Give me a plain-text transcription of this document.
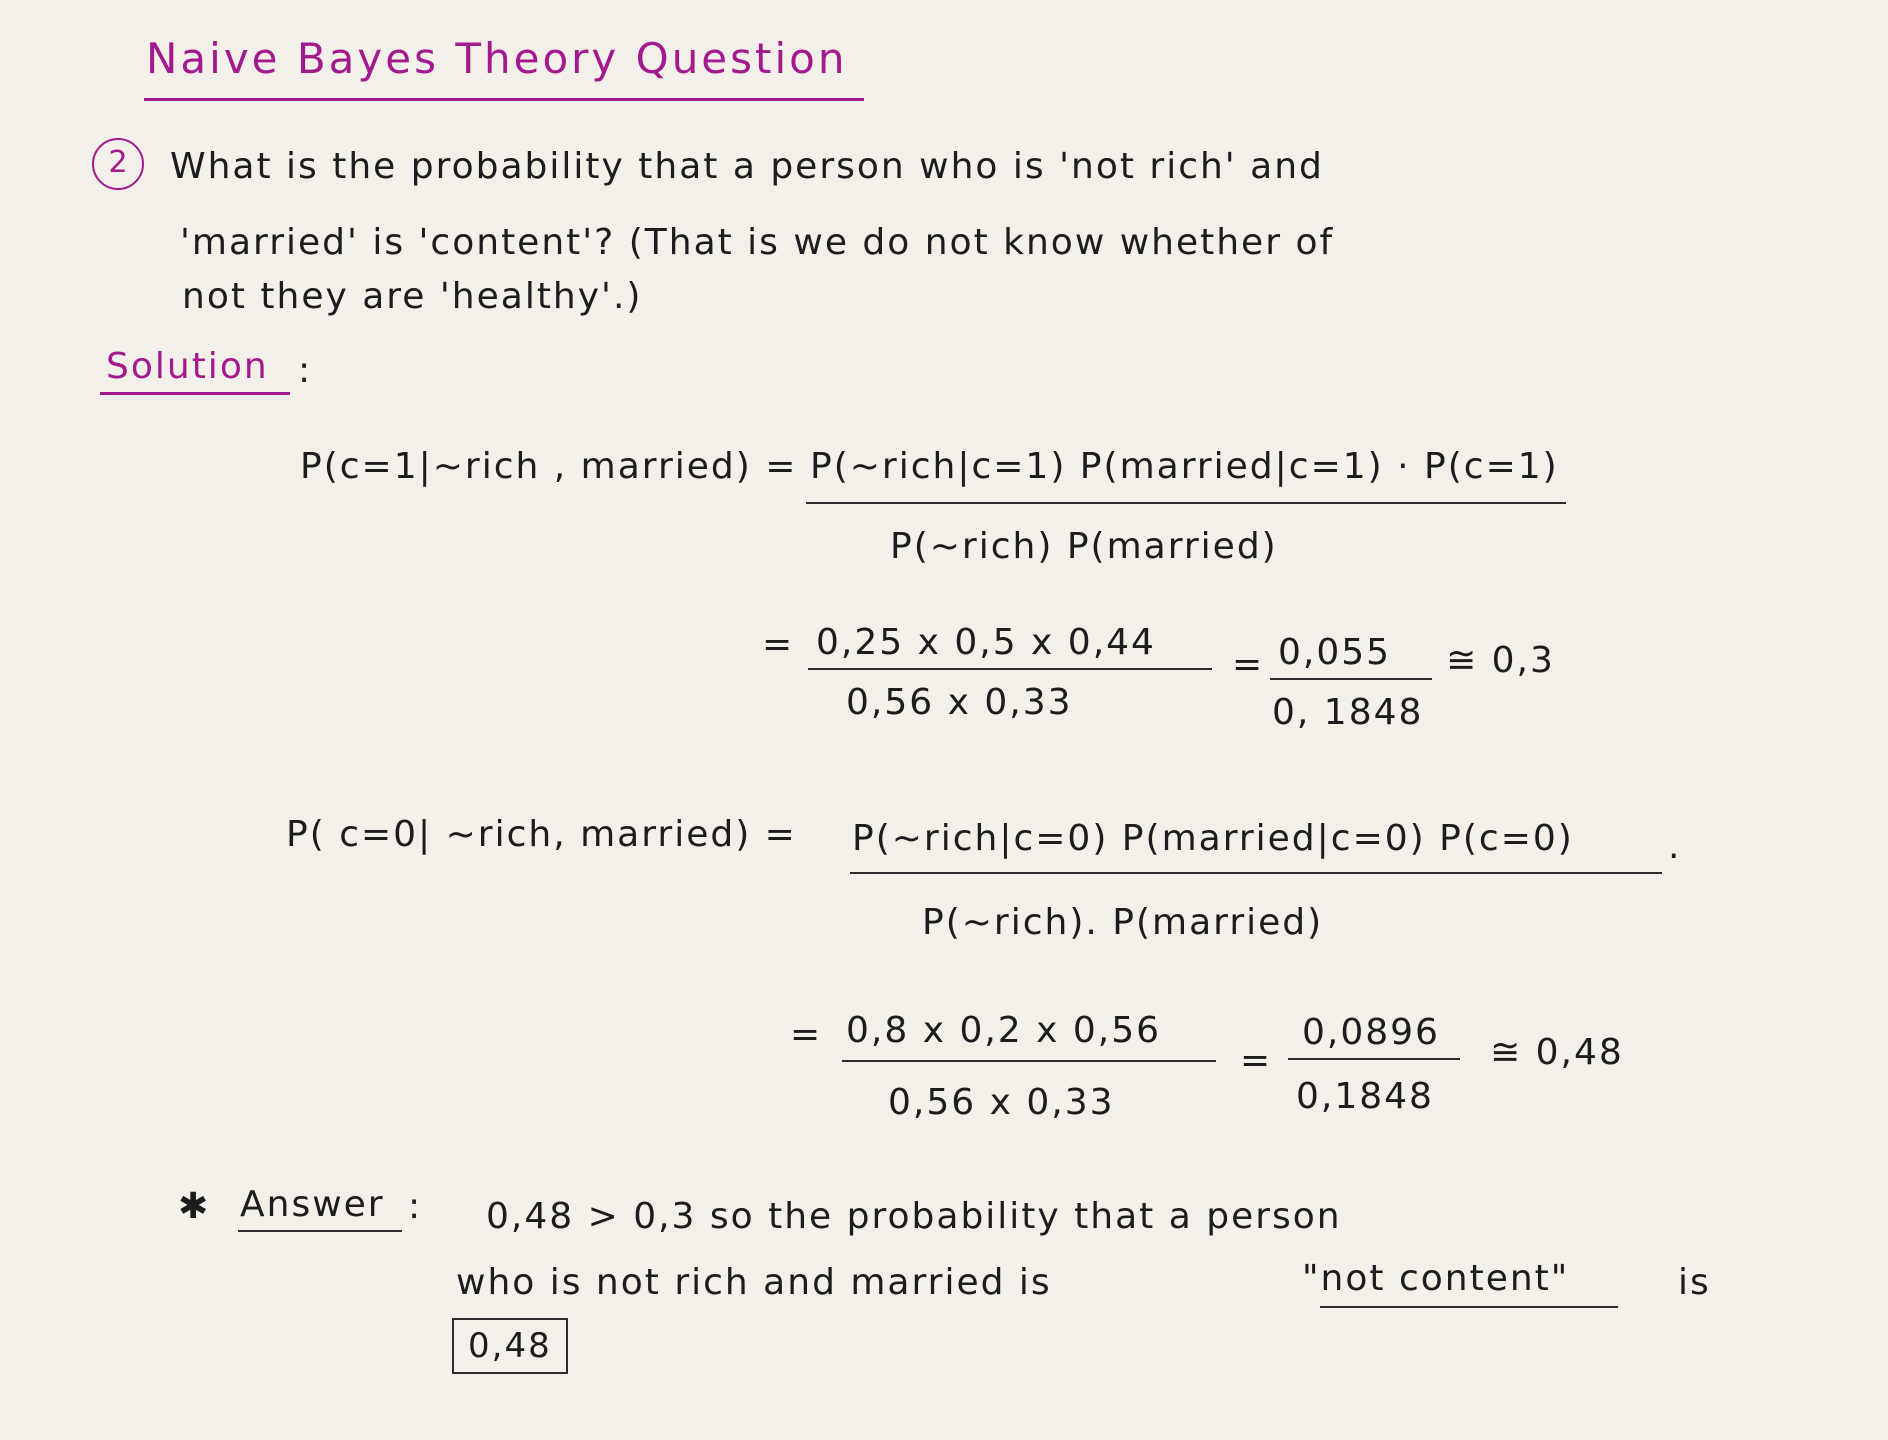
Naive Bayes Theory Question
2	What is the probability that a person who is 'not rich' and
'married' is 'content'? (That is we do not know whether of
not they are 'healthy'.)
Solution :
P(c=1|~rich , married) = P(~rich|c=1) P(married|c=1) · P(c=1)
P(~rich) P(married)
= 0,25 x 0,5 x 0,44
0,56 x 0,33
= 0,055
0, 1848
≅ 0,3
P( c=0| ~rich, married) = P(~rich|c=0) P(married|c=0) P(c=0)	.
P(~rich). P(married)
= 0,8 x 0,2 x 0,56
0,56 x 0,33
=
0,0896
0,1848
≅ 0,48
✱ Answer : 0,48 > 0,3 so the probability that a person
who is not rich and married is	"not content"	is
0,48
